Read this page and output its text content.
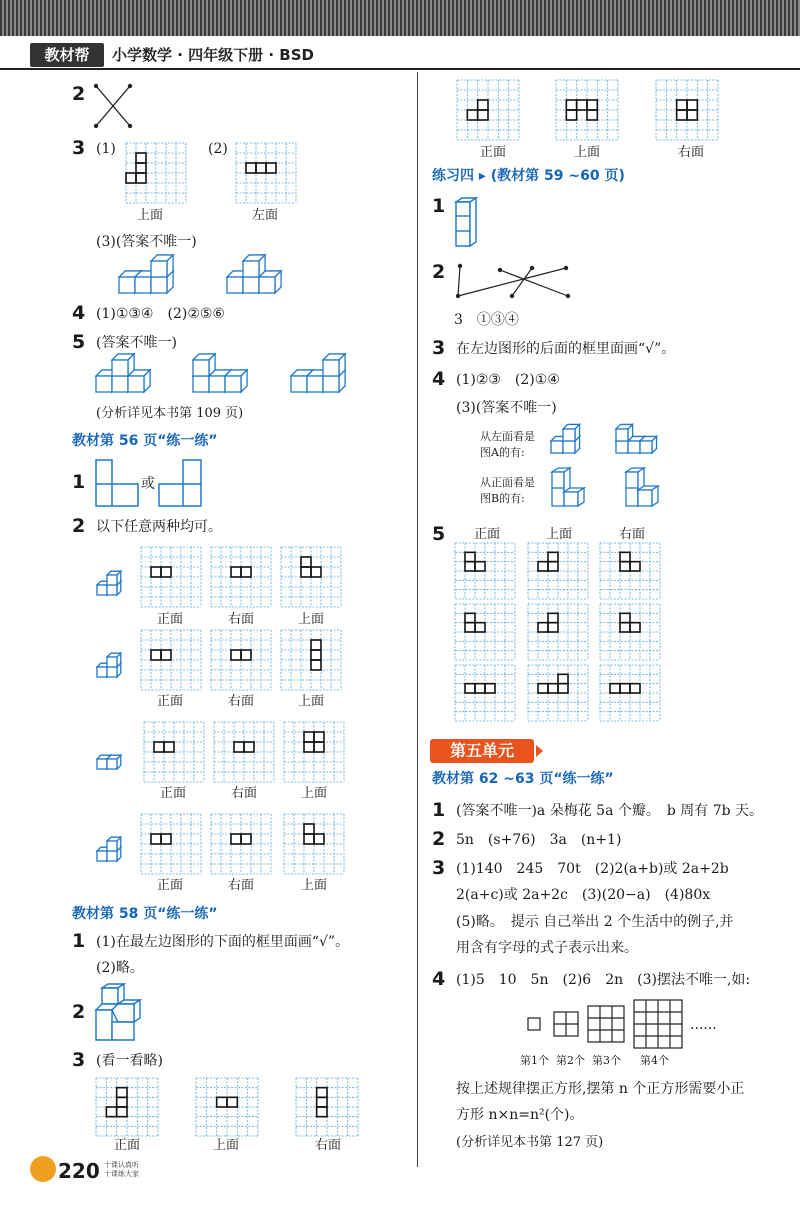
教材帮	小学数学 · 四年级下册 · BSD
2
3 (1)	(2)
上面	左面
(3)(答案不唯一)
4 (1)①③④　(2)②⑤⑥
5 (答案不唯一)
(分析详见本书第 109 页)
教材第 56 页“练一练”
1	或
2 以下任意两种均可。
正面	右面	上面
正面	右面	上面
正面	右面	上面
正面	右面	上面
教材第 58 页“练一练”
1 (1)在最左边图形的下面的框里面画“√”。
(2)略。
2
3 (看一看略)
正面	上面	右面
正面	上面	右面
练习四 ▸ (教材第 59 ~60 页)
1
2
3　①③④
3 在左边图形的后面的框里面画“√”。
4 (1)②③　(2)①④
(3)(答案不唯一)
从左面看是
图A的有:
从正面看是
图B的有:
5 正面	上面	右面
第五单元
教材第 62 ~63 页“练一练”
1 (答案不唯一)a 朵梅花 5a 个瓣。　b 周有 7b 天。
2 5n　(s+76)　3a　(n+1)
3 (1)140　245　70t　(2)2(a+b)或 2a+2b
2(a+c)或 2a+2c　(3)(20−a)　(4)80x
(5)略。　提示 自己举出 2 个生活中的例子,并
用含有字母的式子表示出来。
4 (1)5　10　5n　(2)6　2n　(3)摆法不唯一,如:
......
第1个 第2个 第3个 第4个
按上述规律摆正方形,摆第 n 个正方形需要小正
方形 n×n=n²(个)。
(分析详见本书第 127 页)
220 十课认真听 十课练大家
